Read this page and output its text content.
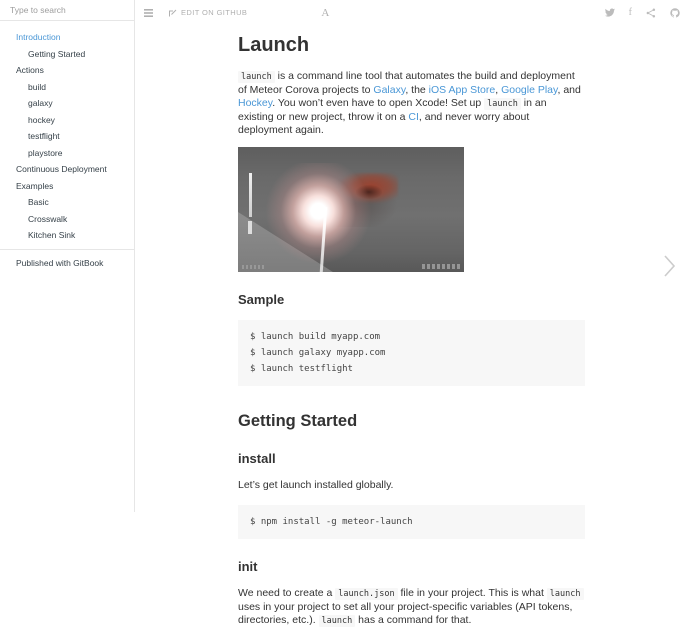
Type to search
Introduction
Getting Started
Actions
build
galaxy
hockey
testflight
playstore
Continuous Deployment
Examples
Basic
Crosswalk
Kitchen Sink
Published with GitBook
EDIT ON GITHUB	A	f
Launch

launch is a command line tool that automates the build and deployment of Meteor Corova projects to Galaxy, the iOS App Store, Google Play, and Hockey. You won’t even have to open Xcode! Set up launch in an existing or new project, throw it on a CI, and never worry about deployment again.

Sample
$ launch build myapp.com
$ launch galaxy myapp.com
$ launch testflight
Getting Started
install

Let’s get launch installed globally.

$ npm install -g meteor-launch
init

We need to create a launch.json file in your project. This is what launch uses in your project to set all your project-specific variables (API tokens, directories, etc.). launch has a command for that.
